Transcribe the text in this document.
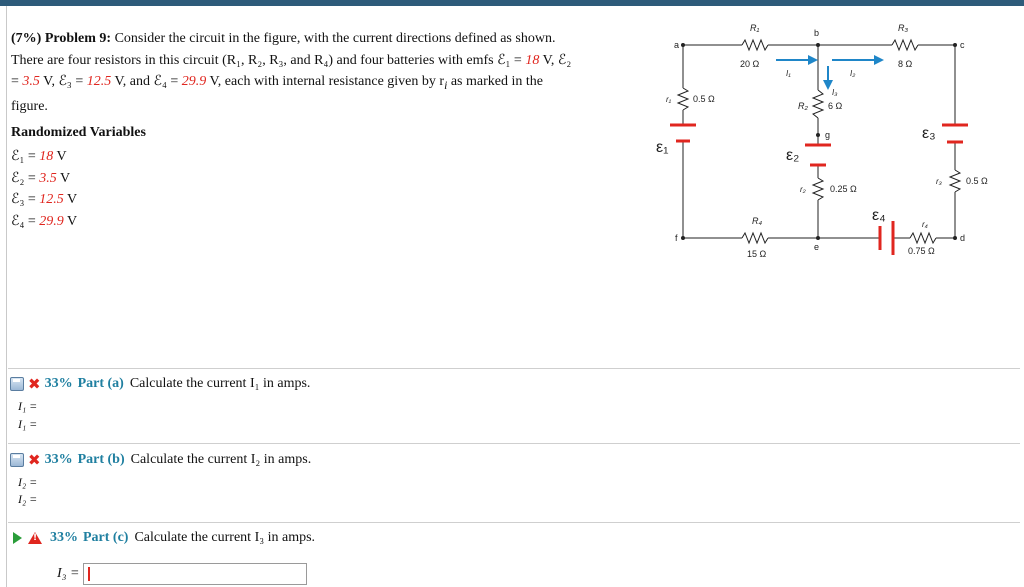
(7%) Problem 9: Consider the circuit in the figure, with the current directions defined as shown.
There are four resistors in this circuit (R₁, R₂, R₃, and R₄) and four batteries with emfs ℰ₁ = 18 V, ℰ₂
= 3.5 V, ℰ₃ = 12.5 V, and ℰ₄ = 29.9 V, each with internal resistance given by $r_i$ as marked in the
figure.
Randomized Variables
ℰ₁ = 18 V
ℰ₂ = 3.5 V
ℰ₃ = 12.5 V
ℰ₄ = 29.9 V
a
b
c
d
e
f
g
R₁
20 Ω
R₃
8 Ω
R₂ 6 Ω
R₄
15 Ω
r₁ 0.5 Ω
r₂	0.25 Ω
r₃	0.5 Ω
r₄
0.75 Ω
I₁	I₂
I₃
ε₁	ε₂
ε₃
ε₄
✖ 33% Part (a) Calculate the current I₁ in amps.
I₁ =
I₁ =
✖ 33% Part (b) Calculate the current I₂ in amps.
I₂ =
I₂ =
!
33% Part (c) Calculate the current I₃ in amps.
I₃ =
